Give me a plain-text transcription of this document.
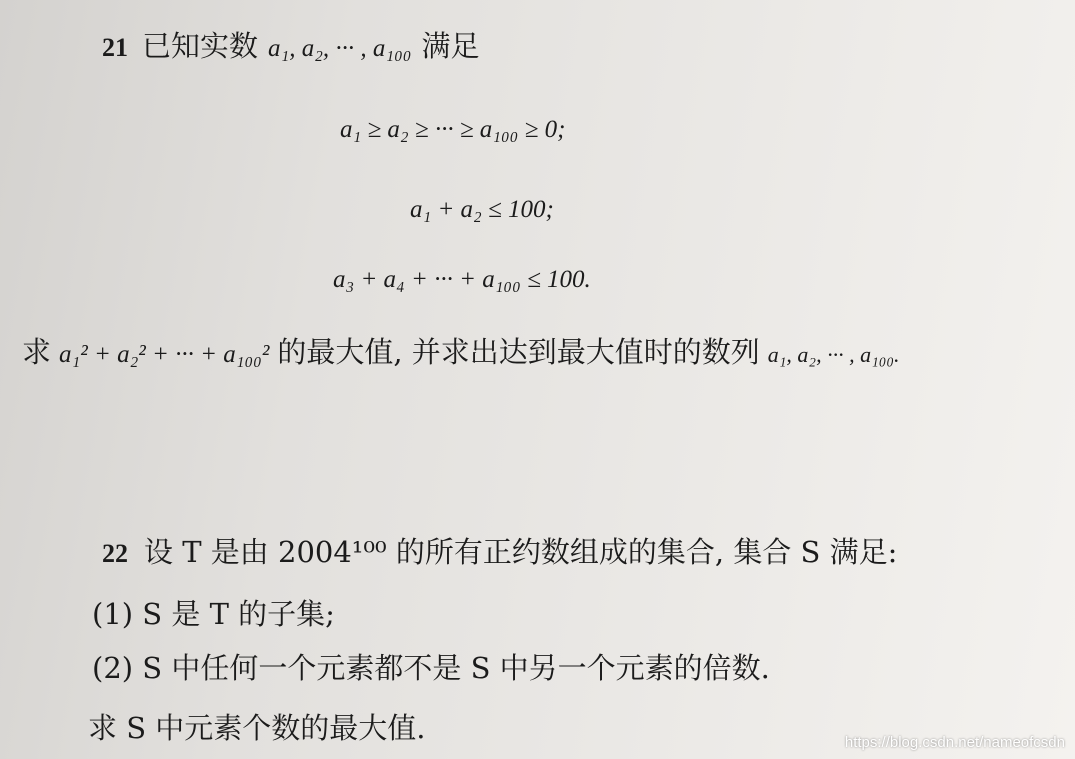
21 已知实数 a₁, a₂, ··· , a₁₀₀ 满足
a₁ ≥ a₂ ≥ ··· ≥ a₁₀₀ ≥ 0;
a₁ + a₂ ≤ 100;
a₃ + a₄ + ··· + a₁₀₀ ≤ 100.
求 a₁² + a₂² + ··· + a₁₀₀² 的最大值, 并求出达到最大值时的数列 a₁, a₂, ··· , a₁₀₀.
22 设 T 是由 2004¹⁰⁰ 的所有正约数组成的集合, 集合 S 满足:
(1) S 是 T 的子集;
(2) S 中任何一个元素都不是 S 中另一个元素的倍数.
求 S 中元素个数的最大值.	https://blog.csdn.net/nameofcsdn
